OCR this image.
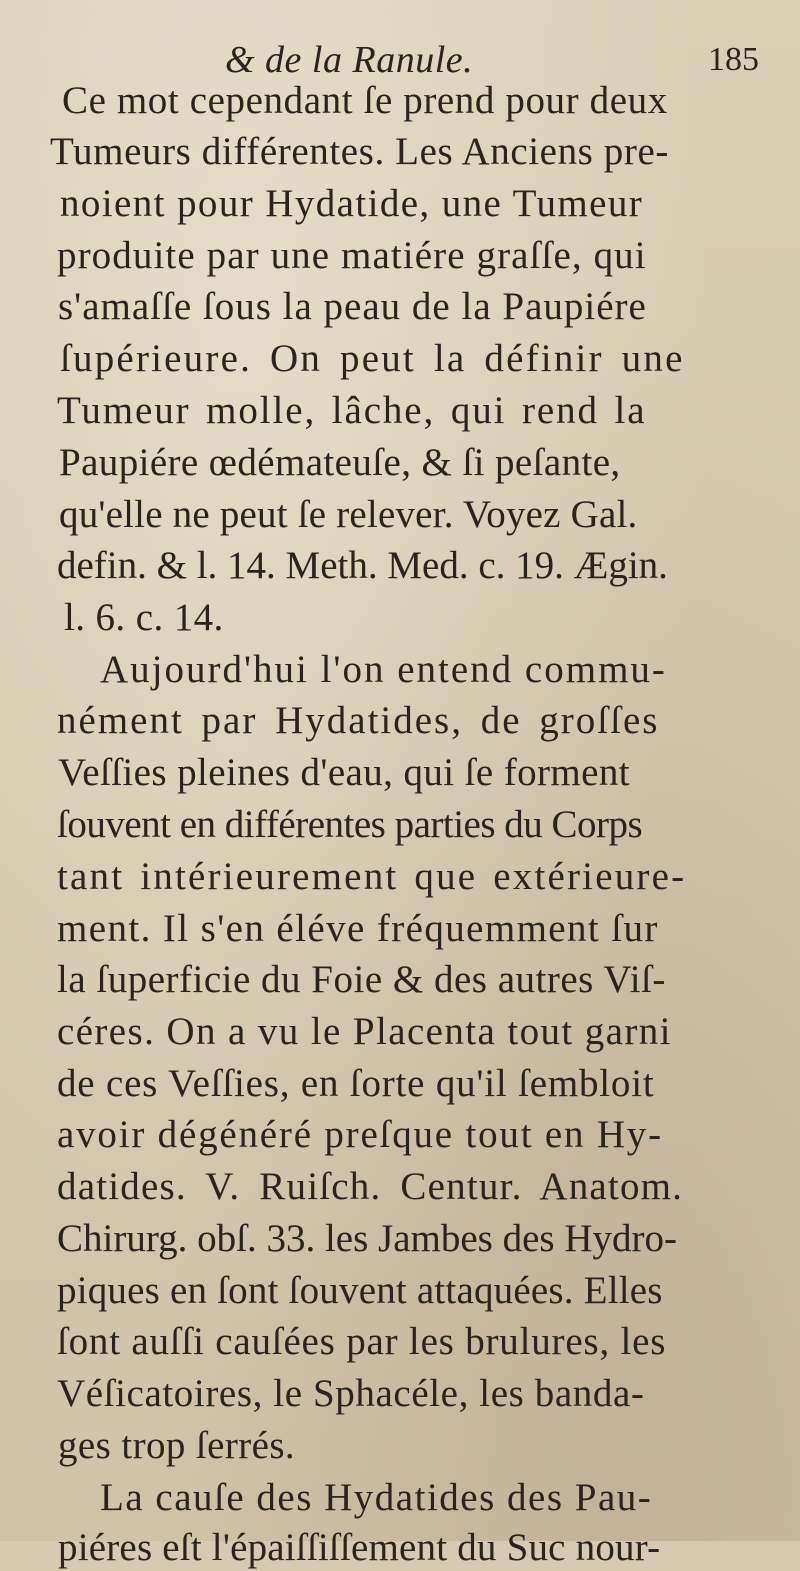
& de la Ranule.	185
Ce mot cependant ſe prend pour deux
Tumeurs différentes. Les Anciens pre-
noient pour Hydatide, une Tumeur
produite par une matiére graſſe, qui
s'amaſſe ſous la peau de la Paupiére
ſupérieure. On peut la définir une
Tumeur molle, lâche, qui rend la
Paupiére œdémateuſe, & ſi peſante,
qu'elle ne peut ſe relever. Voyez Gal.
defin. & l. 14. Meth. Med. c. 19. Ægin.
l. 6. c. 14.
Aujourd'hui l'on entend commu-
nément par Hydatides, de groſſes
Veſſies pleines d'eau, qui ſe forment
ſouvent en différentes parties du Corps
tant intérieurement que extérieure-
ment. Il s'en éléve fréquemment ſur
la ſuperficie du Foie & des autres Viſ-
céres. On a vu le Placenta tout garni
de ces Veſſies, en ſorte qu'il ſembloit
avoir dégénéré preſque tout en Hy-
datides. V. Ruiſch. Centur. Anatom.
Chirurg. obſ. 33. les Jambes des Hydro-
piques en ſont ſouvent attaquées. Elles
ſont auſſi cauſées par les brulures, les
Véſicatoires, le Sphacéle, les banda-
ges trop ſerrés.
La cauſe des Hydatides des Pau-
piéres eſt l'épaiſſiſſement du Suc nour-
